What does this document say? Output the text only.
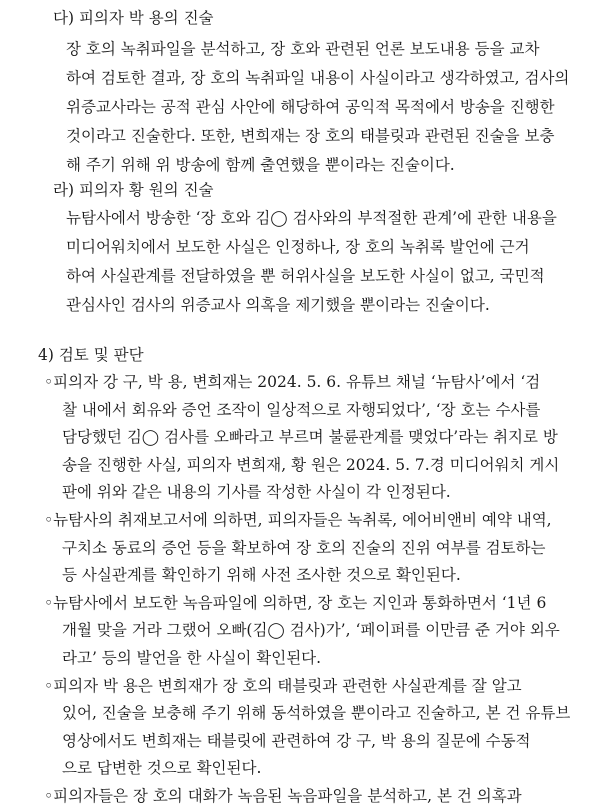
다) 피의자 박 용의 진술
장 호의 녹취파일을 분석하고, 장 호와 관련된 언론 보도내용 등을 교차
하여 검토한 결과, 장 호의 녹취파일 내용이 사실이라고 생각하였고, 검사의
위증교사라는 공적 관심 사안에 해당하여 공익적 목적에서 방송을 진행한
것이라고 진술한다. 또한, 변희재는 장 호의 태블릿과 관련된 진술을 보충
해 주기 위해 위 방송에 함께 출연했을 뿐이라는 진술이다.
라) 피의자 황 원의 진술
뉴탐사에서 방송한 ‘장 호와 김◯ 검사와의 부적절한 관계’에 관한 내용을
미디어워치에서 보도한 사실은 인정하나, 장 호의 녹취록 발언에 근거
하여 사실관계를 전달하였을 뿐 허위사실을 보도한 사실이 없고, 국민적
관심사인 검사의 위증교사 의혹을 제기했을 뿐이라는 진술이다.
4) 검토 및 판단
◦피의자 강 구, 박 용, 변희재는 2024. 5. 6. 유튜브 채널 ‘뉴탐사’에서 ‘검
찰 내에서 회유와 증언 조작이 일상적으로 자행되었다’, ‘장 호는 수사를
담당했던 김◯ 검사를 오빠라고 부르며 불륜관계를 맺었다’라는 취지로 방
송을 진행한 사실, 피의자 변희재, 황 원은 2024. 5. 7.경 미디어워치 게시
판에 위와 같은 내용의 기사를 작성한 사실이 각 인정된다.
◦뉴탐사의 취재보고서에 의하면, 피의자들은 녹취록, 에어비앤비 예약 내역,
구치소 동료의 증언 등을 확보하여 장 호의 진술의 진위 여부를 검토하는
등 사실관계를 확인하기 위해 사전 조사한 것으로 확인된다.
◦뉴탐사에서 보도한 녹음파일에 의하면, 장 호는 지인과 통화하면서 ‘1년 6
개월 맞을 거라 그랬어 오빠(김◯ 검사)가’, ‘페이퍼를 이만큼 준 거야 외우
라고’ 등의 발언을 한 사실이 확인된다.
◦피의자 박 용은 변희재가 장 호의 태블릿과 관련한 사실관계를 잘 알고
있어, 진술을 보충해 주기 위해 동석하였을 뿐이라고 진술하고, 본 건 유튜브
영상에서도 변희재는 태블릿에 관련하여 강 구, 박 용의 질문에 수동적
으로 답변한 것으로 확인된다.
◦피의자들은 장 호의 대화가 녹음된 녹음파일을 분석하고, 본 건 의혹과
